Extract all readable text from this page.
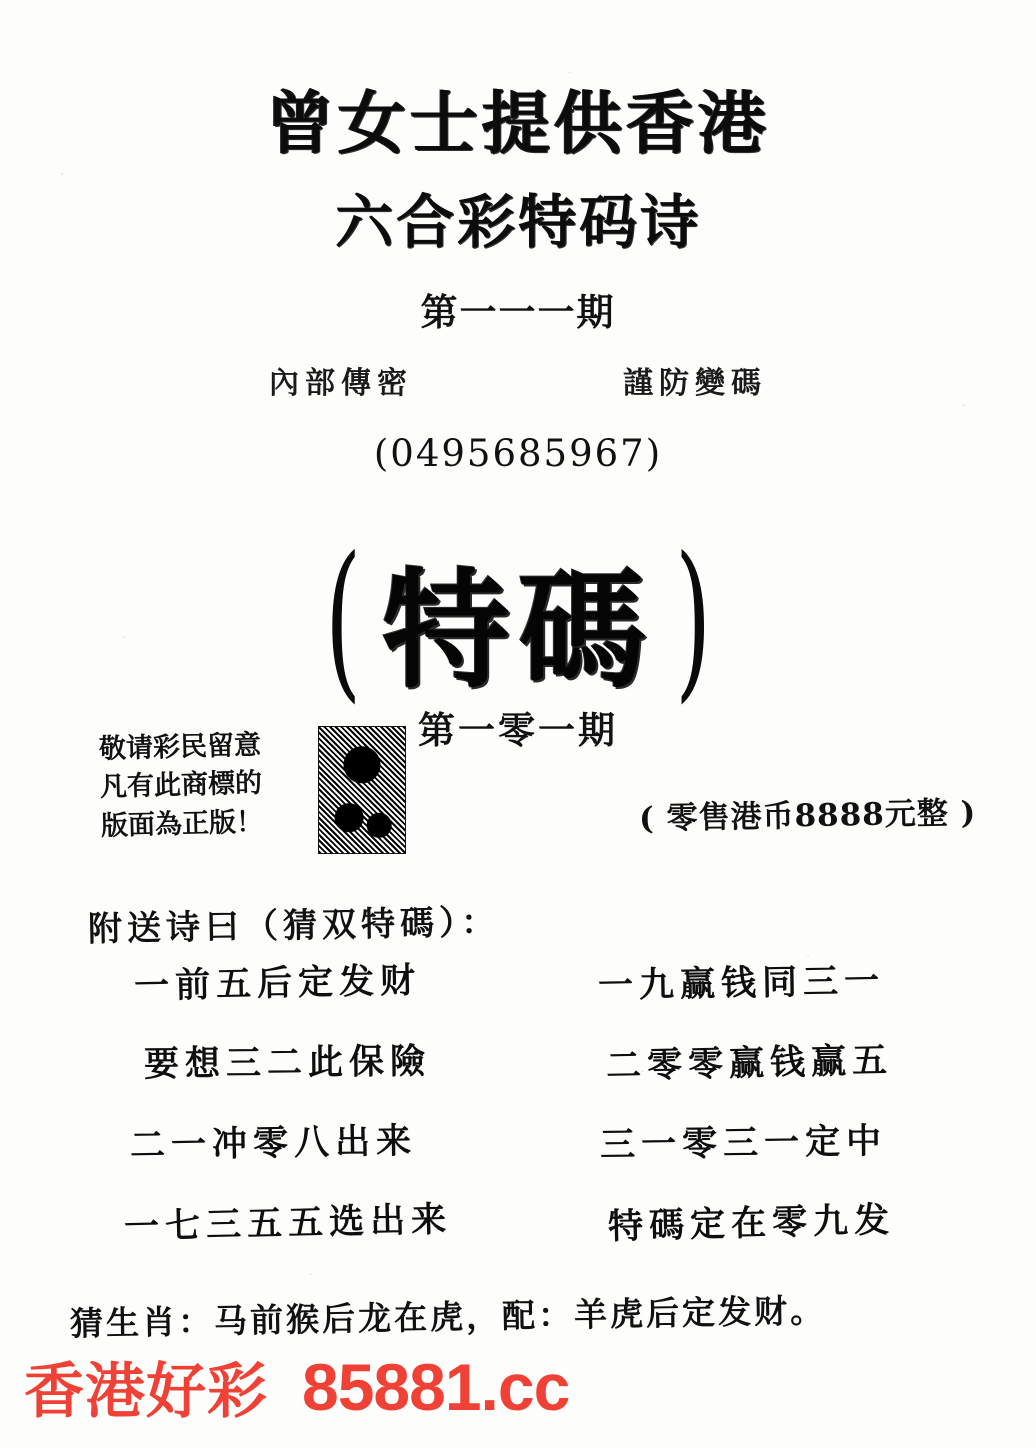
曾女士提供香港
六合彩特码诗
第一一一期
內部傳密	謹防變碼
(0495685967)
( 特碼 )
第一零一期
敬请彩民留意
凡有此商標的
版面為正版！	( 零售港币8888元整 )
附送诗曰（猜双特碼）：
一前五后定发财
要想三二此保險
二一冲零八出来
一七三五五选出来
一九赢钱同三一
二零零赢钱赢五
三一零三一定中
特碼定在零九发
猜生肖：马前猴后龙在虎，配：羊虎后定发财。
香港好彩 85881.cc
